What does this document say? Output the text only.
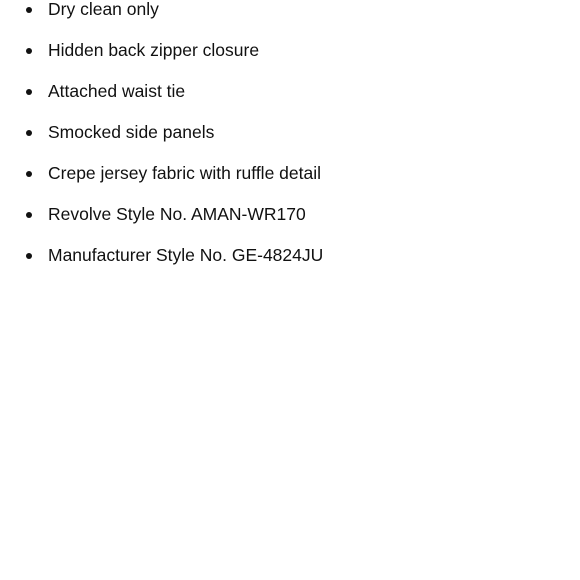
Dry clean only
Hidden back zipper closure
Attached waist tie
Smocked side panels
Crepe jersey fabric with ruffle detail
Revolve Style No. AMAN-WR170
Manufacturer Style No. GE-4824JU
